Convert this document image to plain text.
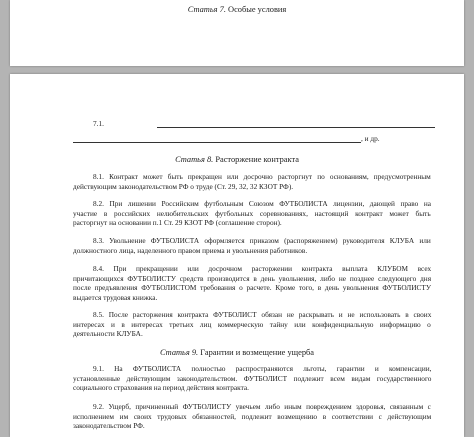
Статья 7. Особые условия
7.1.
, и др.
Статья 8. Расторжение контракта
8.1. Контракт может быть прекращен или досрочно расторгнут по основаниям, предусмотренным
действующим законодательством РФ о труде (Ст. 29, 32, 32 КЗОТ РФ).
8.2. При лишении Российским футбольным Союзом ФУТБОЛИСТА лицензии, дающей право на
участие в российских нелюбительских футбольных соревнованиях, настоящий контракт может быть
расторгнут на основании п.1 Ст. 29 КЗОТ РФ (соглашение сторон).
8.3. Увольнение ФУТБОЛИСТА оформляется приказом (распоряжением) руководителя КЛУБА или
должностного лица, наделенного правом приема и увольнения работников.
8.4. При прекращении или досрочном расторжении контракта выплата КЛУБОМ всех
причитающихся ФУТБОЛИСТУ средств производится в день увольнения, либо не позднее следующего дня
после предъявления ФУТБОЛИСТОМ требования о расчете. Кроме того, в день увольнения ФУТБОЛИСТУ
выдается трудовая книжка.
8.5. После расторжения контракта ФУТБОЛИСТ обязан не раскрывать и не использовать в своих
интересах и в интересах третьих лиц коммерческую тайну или конфиденциальную информацию о
деятельности КЛУБА.
Статья 9. Гарантии и возмещение ущерба
9.1. На ФУТБОЛИСТА полностью распространяются льготы, гарантии и компенсации,
установленные действующим законодательством. ФУТБОЛИСТ подлежит всем видам государственного
социального страхования на период действия контракта.
9.2. Ущерб, причиненный ФУТБОЛИСТУ увечьем либо иным повреждением здоровья, связанным с
исполнением им своих трудовых обязанностей, подлежит возмещению в соответствии с действующим
законодательством РФ.
